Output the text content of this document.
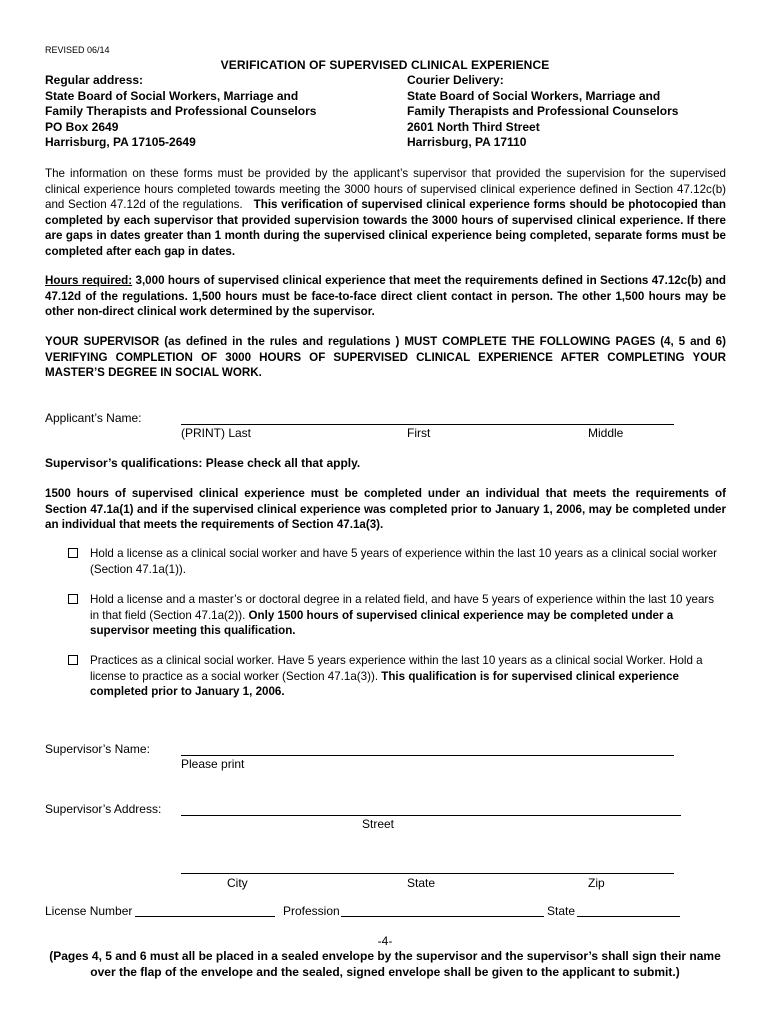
REVISED 06/14
VERIFICATION OF SUPERVISED CLINICAL EXPERIENCE
Regular address:
State Board of Social Workers, Marriage and
Family Therapists and Professional Counselors
PO Box 2649
Harrisburg, PA 17105-2649
Courier Delivery:
State Board of Social Workers, Marriage and
Family Therapists and Professional Counselors
2601 North Third Street
Harrisburg, PA 17110
The information on these forms must be provided by the applicant’s supervisor that provided the supervision for the supervised clinical experience hours completed towards meeting the 3000 hours of supervised clinical experience defined in Section 47.12c(b) and Section 47.12d of the regulations. This verification of supervised clinical experience forms should be photocopied than completed by each supervisor that provided supervision towards the 3000 hours of supervised clinical experience. If there are gaps in dates greater than 1 month during the supervised clinical experience being completed, separate forms must be completed after each gap in dates.
Hours required: 3,000 hours of supervised clinical experience that meet the requirements defined in Sections 47.12c(b) and 47.12d of the regulations. 1,500 hours must be face-to-face direct client contact in person. The other 1,500 hours may be other non-direct clinical work determined by the supervisor.
YOUR SUPERVISOR (as defined in the rules and regulations ) MUST COMPLETE THE FOLLOWING PAGES (4, 5 and 6) VERIFYING COMPLETION OF 3000 HOURS OF SUPERVISED CLINICAL EXPERIENCE AFTER COMPLETING YOUR MASTER’S DEGREE IN SOCIAL WORK.
Applicant’s Name:
(PRINT) Last	First	Middle
Supervisor’s qualifications: Please check all that apply.
1500 hours of supervised clinical experience must be completed under an individual that meets the requirements of Section 47.1a(1) and if the supervised clinical experience was completed prior to January 1, 2006, may be completed under an individual that meets the requirements of Section 47.1a(3).
Hold a license as a clinical social worker and have 5 years of experience within the last 10 years as a clinical social worker (Section 47.1a(1)).
Hold a license and a master’s or doctoral degree in a related field, and have 5 years of experience within the last 10 years in that field (Section 47.1a(2)). Only 1500 hours of supervised clinical experience may be completed under a supervisor meeting this qualification.
Practices as a clinical social worker. Have 5 years experience within the last 10 years as a clinical social Worker. Hold a license to practice as a social worker (Section 47.1a(3)). This qualification is for supervised clinical experience completed prior to January 1, 2006.
Supervisor’s Name:
Please print
Supervisor’s Address:
Street
City	State	Zip
License Number	Profession	State
-4-
(Pages 4, 5 and 6 must all be placed in a sealed envelope by the supervisor and the supervisor’s shall sign their name over the flap of the envelope and the sealed, signed envelope shall be given to the applicant to submit.)
